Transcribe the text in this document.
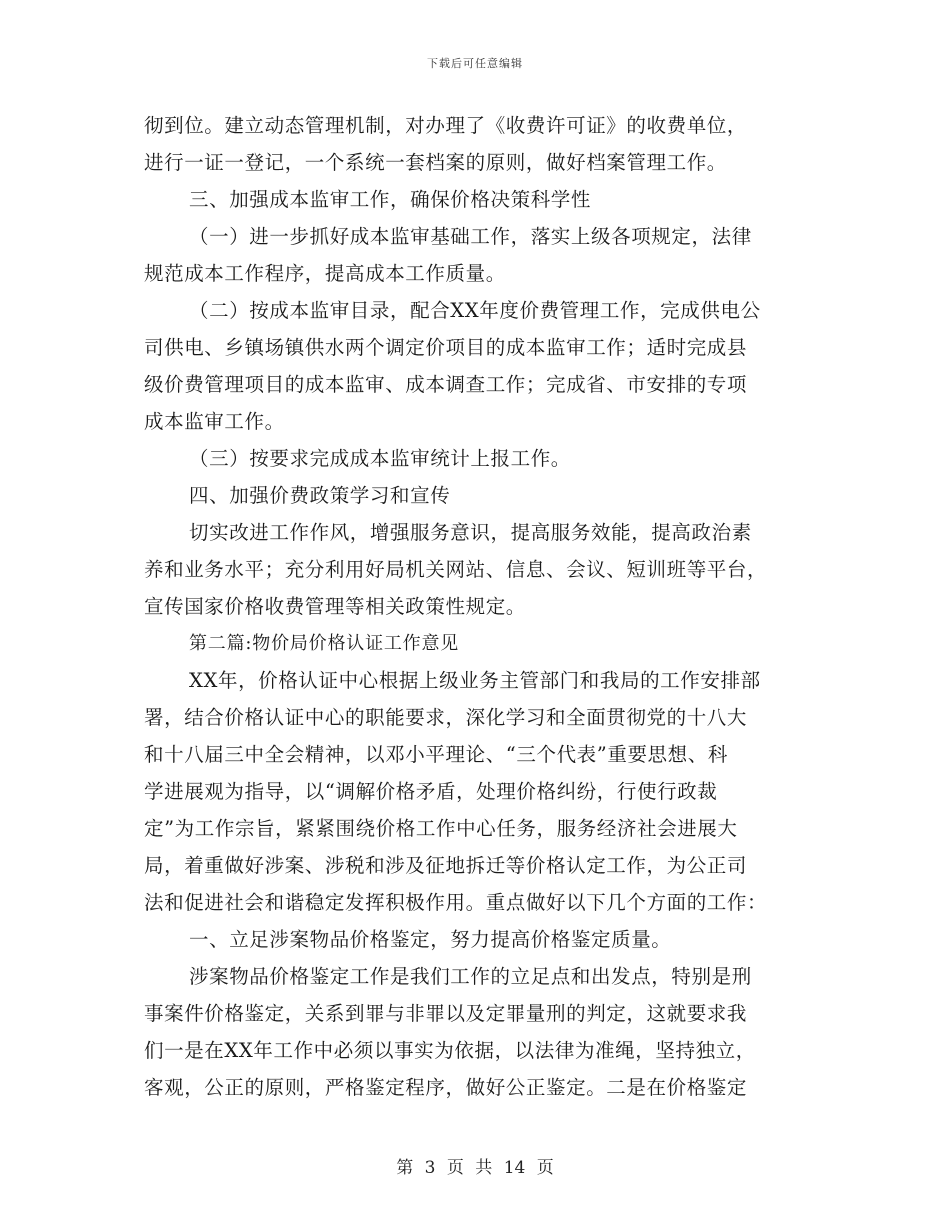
下载后可任意编辑
彻到位。建立动态管理机制，对办理了《收费许可证》的收费单位，
进行一证一登记，一个系统一套档案的原则，做好档案管理工作。
三、加强成本监审工作，确保价格决策科学性
（一）进一步抓好成本监审基础工作，落实上级各项规定，法律
规范成本工作程序，提高成本工作质量。
（二）按成本监审目录，配合XX年度价费管理工作，完成供电公
司供电、乡镇场镇供水两个调定价项目的成本监审工作；适时完成县
级价费管理项目的成本监审、成本调查工作；完成省、市安排的专项
成本监审工作。
（三）按要求完成成本监审统计上报工作。
四、加强价费政策学习和宣传
切实改进工作作风，增强服务意识，提高服务效能，提高政治素
养和业务水平；充分利用好局机关网站、信息、会议、短训班等平台，
宣传国家价格收费管理等相关政策性规定。
第二篇:物价局价格认证工作意见
XX年，价格认证中心根据上级业务主管部门和我局的工作安排部
署，结合价格认证中心的职能要求，深化学习和全面贯彻党的十八大
和十八届三中全会精神，以邓小平理论、“三个代表”重要思想、科
学进展观为指导，以“调解价格矛盾，处理价格纠纷，行使行政裁
定”为工作宗旨，紧紧围绕价格工作中心任务，服务经济社会进展大
局，着重做好涉案、涉税和涉及征地拆迁等价格认定工作，为公正司
法和促进社会和谐稳定发挥积极作用。重点做好以下几个方面的工作：
一、立足涉案物品价格鉴定，努力提高价格鉴定质量。
涉案物品价格鉴定工作是我们工作的立足点和出发点，特别是刑
事案件价格鉴定，关系到罪与非罪以及定罪量刑的判定，这就要求我
们一是在XX年工作中必须以事实为依据，以法律为准绳，坚持独立，
客观，公正的原则，严格鉴定程序，做好公正鉴定。二是在价格鉴定
第 3 页 共 14 页
